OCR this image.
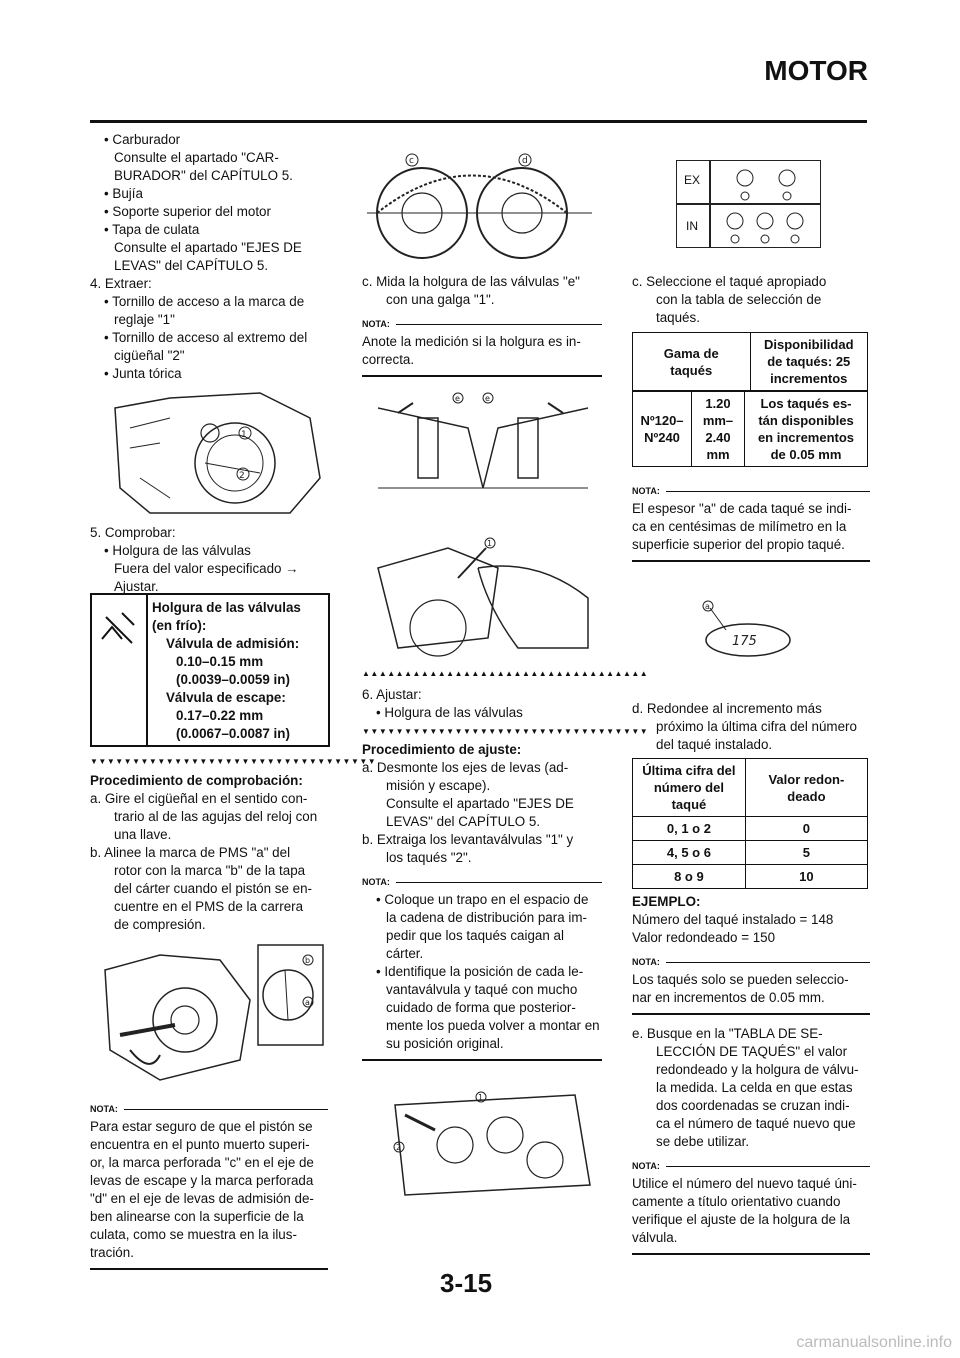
MOTOR

• Carburador

Consulte el apartado "CAR-

BURADOR" del CAPÍTULO 5.

• Bujía

• Soporte superior del motor

• Tapa de culata

Consulte el apartado "EJES DE

LEVAS" del CAPÍTULO 5.

4. Extraer:

• Tornillo de acceso a la marca de

reglaje "1"

• Tornillo de acceso al extremo del

cigüeñal "2"

• Junta tórica

1
2

5. Comprobar:

• Holgura de las válvulas

Fuera del valor especificado →

Ajustar.

Holgura de las válvulas

(en frío):

Válvula de admisión:

0.10–0.15 mm

(0.0039–0.0059 in)

Válvula de escape:

0.17–0.22 mm

(0.0067–0.0087 in)

▼▼▼▼▼▼▼▼▼▼▼▼▼▼▼▼▼▼▼▼▼▼▼▼▼▼▼▼▼▼▼▼▼▼

Procedimiento de comprobación:

a. Gire el cigüeñal en el sentido con-

trario al de las agujas del reloj con

una llave.

b. Alinee la marca de PMS "a" del

rotor con la marca "b" de la tapa

del cárter cuando el pistón se en-

cuentre en el PMS de la carrera

de compresión.

b
a
NOTA:

Para estar seguro de que el pistón se

encuentra en el punto muerto superi-

or, la marca perforada "c" en el eje de

levas de escape y la marca perforada

"d" en el eje de levas de admisión de-

ben alinearse con la superficie de la

culata, como se muestra en la ilus-

tración.

c	d

c. Mida la holgura de las válvulas "e"

con una galga "1".

NOTA:

Anote la medición si la holgura es in-

correcta.

e	e
1
▲▲▲▲▲▲▲▲▲▲▲▲▲▲▲▲▲▲▲▲▲▲▲▲▲▲▲▲▲▲▲▲▲▲

6. Ajustar:

• Holgura de las válvulas

▼▼▼▼▼▼▼▼▼▼▼▼▼▼▼▼▼▼▼▼▼▼▼▼▼▼▼▼▼▼▼▼▼▼

Procedimiento de ajuste:

a. Desmonte los ejes de levas (ad-

misión y escape).

Consulte el apartado "EJES DE

LEVAS" del CAPÍTULO 5.

b. Extraiga los levantaválvulas "1" y

los taqués "2".

NOTA:

• Coloque un trapo en el espacio de

la cadena de distribución para im-

pedir que los taqués caigan al

cárter.

• Identifique la posición de cada le-

vantaválvula y taqué con mucho

cuidado de forma que posterior-

mente los pueda volver a montar en

su posición original.

1
2
EX
IN

c. Seleccione el taqué apropiado

con la tabla de selección de

taqués.

Gama de
taqués	Disponibilidad
de taqués: 25
incrementos
Nº120–
Nº240	1.20
mm–
2.40
mm	Los taqués es-
tán disponibles
en incrementos
de 0.05 mm
NOTA:

El espesor "a" de cada taqué se indi-

ca en centésimas de milímetro en la

superficie superior del propio taqué.

a
175

d. Redondee al incremento más

próximo la última cifra del número

del taqué instalado.

Última cifra del
número del
taqué	Valor redon-
deado
0, 1 o 2	0
4, 5 o 6	5
8 o 9	10

EJEMPLO:

Número del taqué instalado = 148

Valor redondeado = 150

NOTA:

Los taqués solo se pueden seleccio-

nar en incrementos de 0.05 mm.

e. Busque en la "TABLA DE SE-

LECCIÓN DE TAQUÉS" el valor

redondeado y la holgura de válvu-

la medida. La celda en que estas

dos coordenadas se cruzan indi-

ca el número de taqué nuevo que

se debe utilizar.

NOTA:

Utilice el número del nuevo taqué úni-

camente a título orientativo cuando

verifique el ajuste de la holgura de la

válvula.

3-15
carmanualsonline.info
